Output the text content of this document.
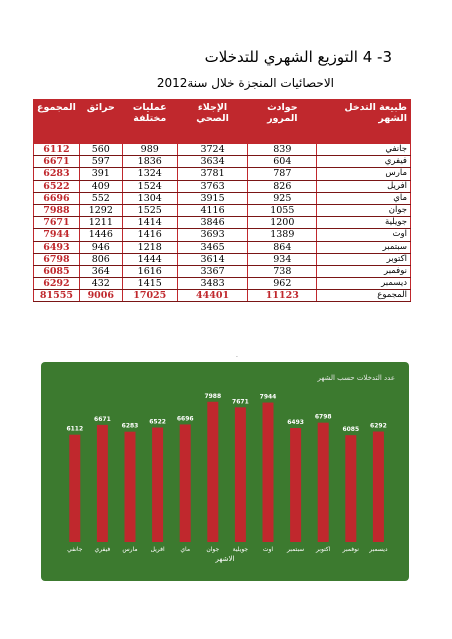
3- 4 التوزيع الشهري للتدخلات
الاحصائيات المنجزة خلال سنة2012
طبيعة التدخل الشهر	حوادث المرور	الإجلاء الصحي	عمليات مختلفة	حرائق	المجموع
جانفي	839	3724	989	560	6112
فيفري	604	3634	1836	597	6671
مارس	787	3781	1324	391	6283
افريل	826	3763	1524	409	6522
ماي	925	3915	1304	552	6696
جوان	1055	4116	1525	1292	7988
جويلية	1200	3846	1414	1211	7671
اوت	1389	3693	1416	1446	7944
سبتمبر	864	3465	1218	946	6493
اكتوبر	934	3614	1444	806	6798
نوفمبر	738	3367	1616	364	6085
ديسمبر	962	3483	1415	432	6292
المجموع	11123	44401	17025	9006	81555
.
6112
جانفي
6671
فيفري
6283
مارس
6522
افريل
6696
ماي
7988
جوان
7671
جويلية
7944
اوت
6493
سبتمبر
6798
اكتوبر
6085
نوفمبر
6292
ديسمبر
عدد التدخلات حسب الشهر
الاشهر
